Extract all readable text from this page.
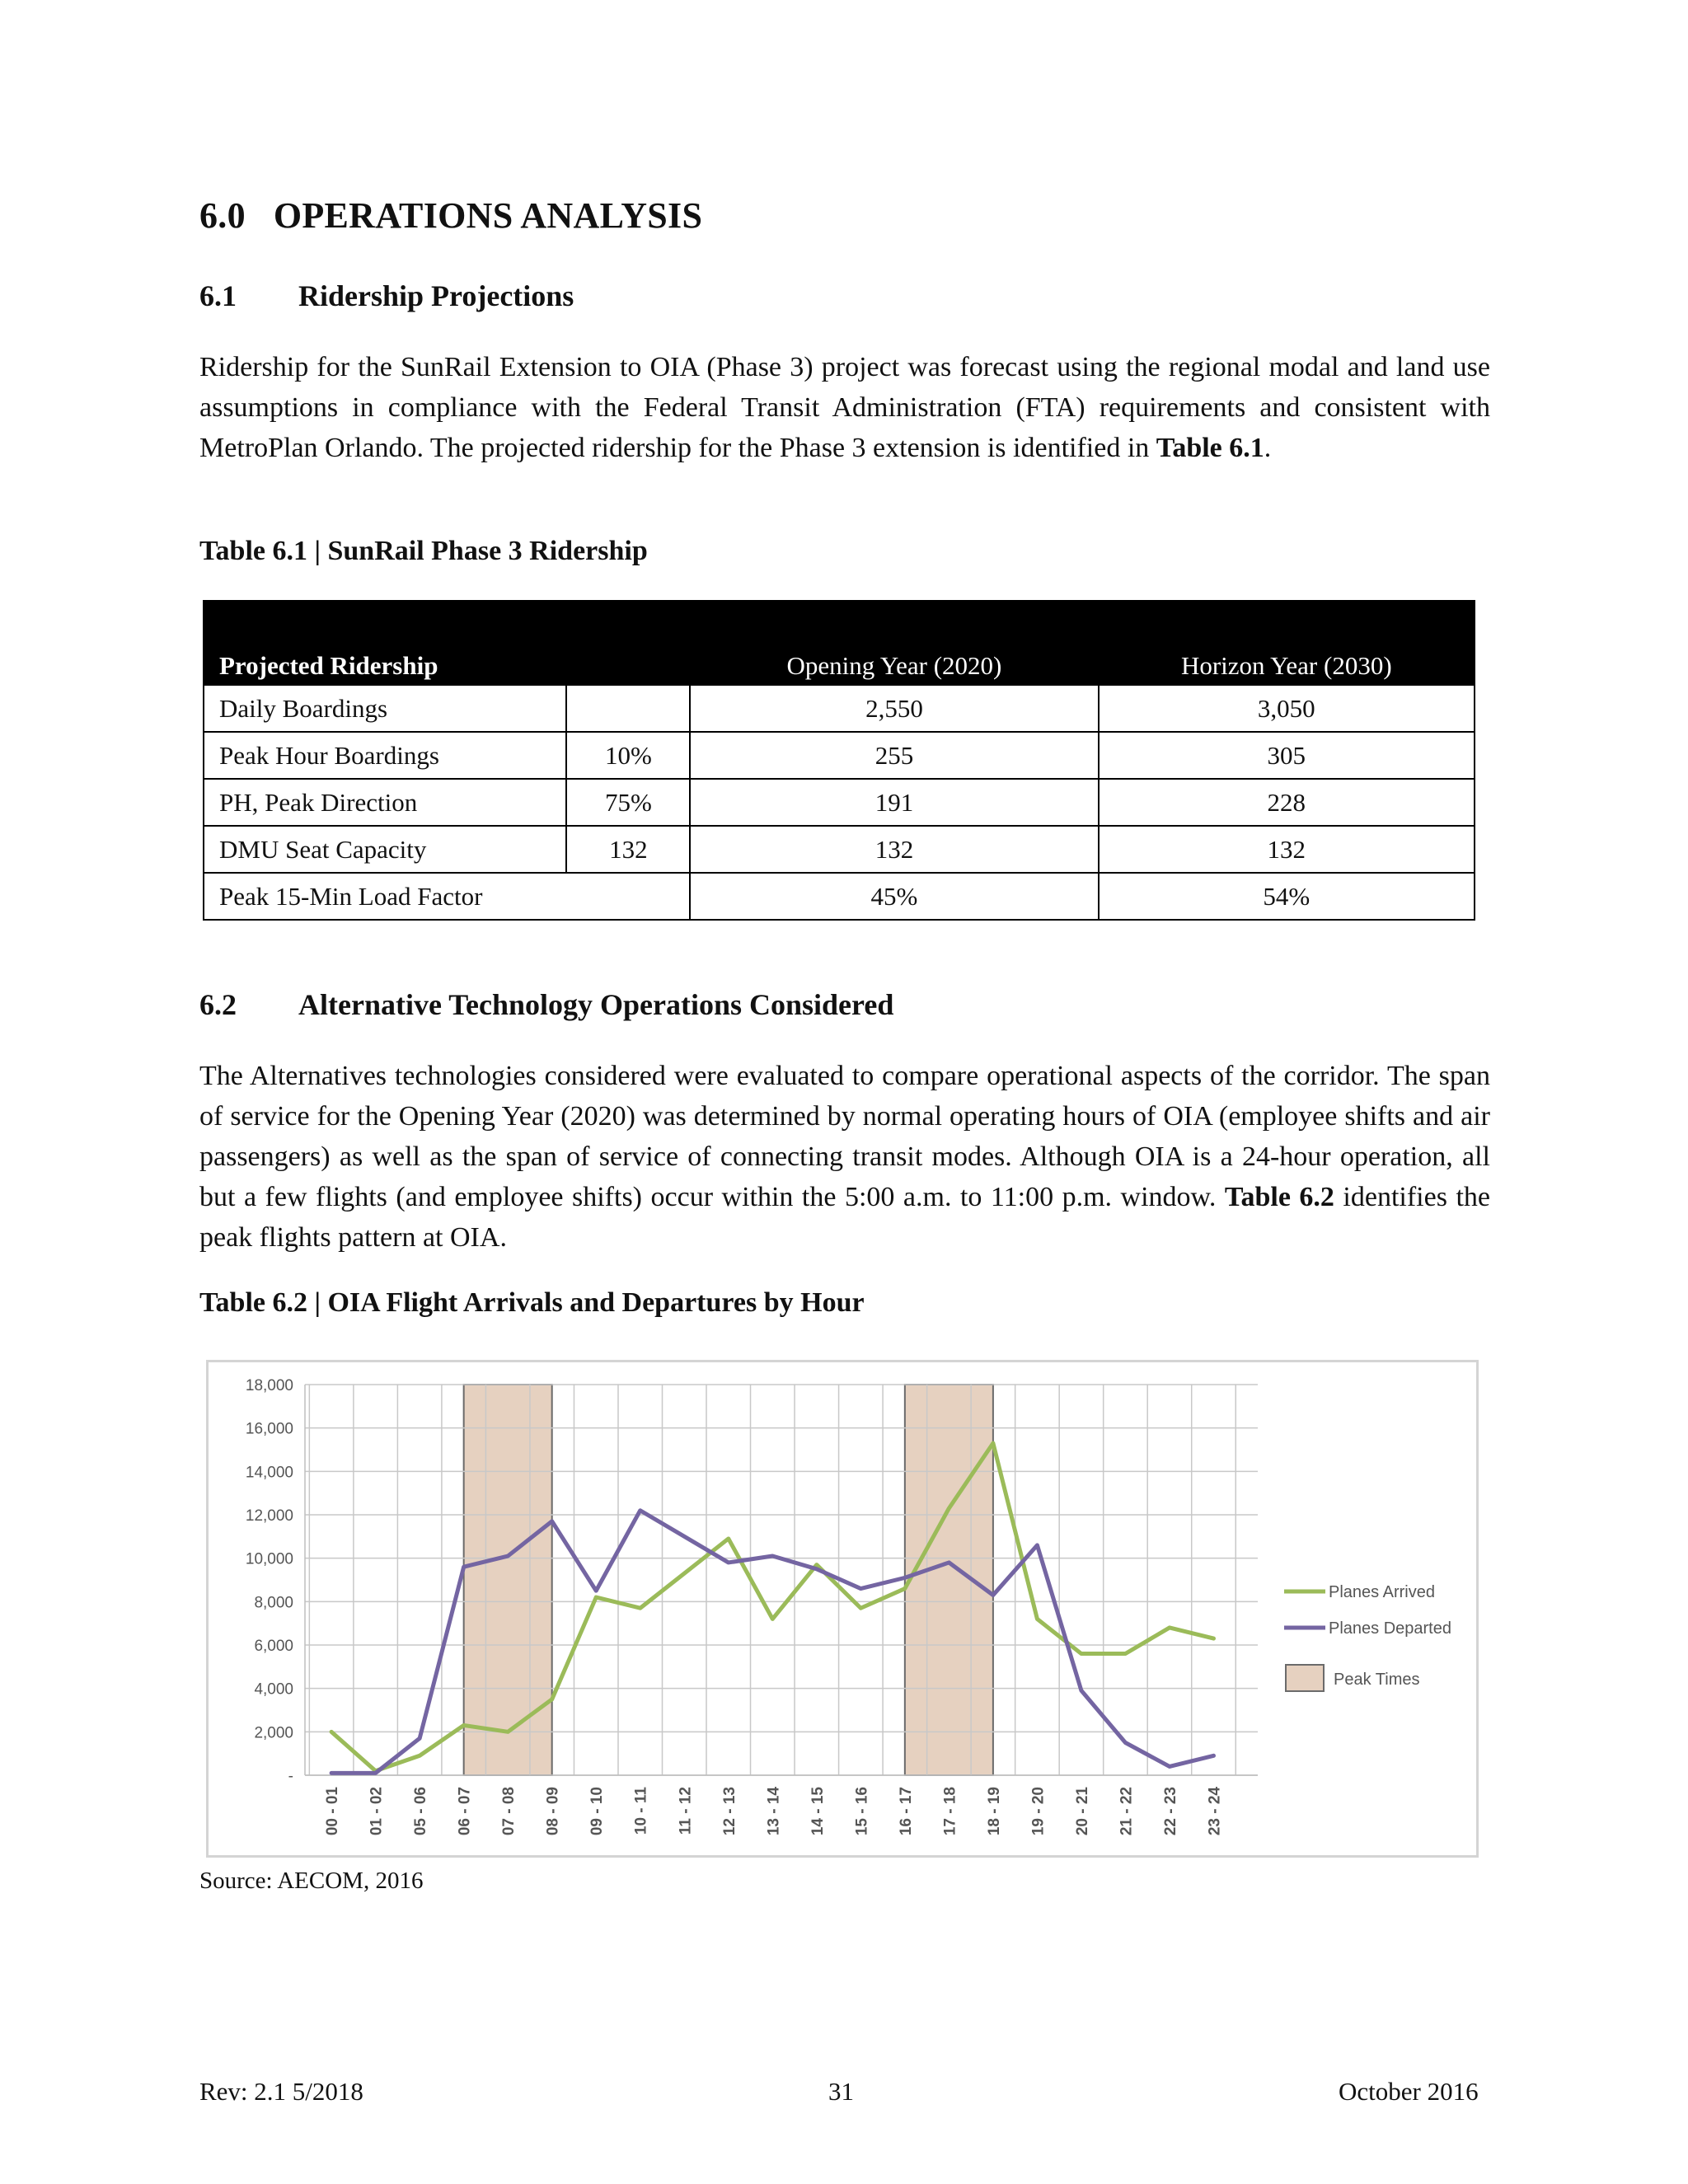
6.0 OPERATIONS ANALYSIS
6.1 Ridership Projections

Ridership for the SunRail Extension to OIA (Phase 3) project was forecast using the regional modal and land use assumptions in compliance with the Federal Transit Administration (FTA) requirements and consistent with MetroPlan Orlando. The projected ridership for the Phase 3 extension is identified in Table 6.1.

Table 6.1 | SunRail Phase 3 Ridership
Projected Ridership		Opening Year (2020)	Horizon Year (2030)

Daily Boardings		2,550	3,050
Peak Hour Boardings	10%	255	305
PH, Peak Direction	75%	191	228
DMU Seat Capacity	132	132	132
Peak 15-Min Load Factor		45%	54%
6.2 Alternative Technology Operations Considered

The Alternatives technologies considered were evaluated to compare operational aspects of the corridor. The span of service for the Opening Year (2020) was determined by normal operating hours of OIA (employee shifts and air passengers) as well as the span of service of connecting transit modes. Although OIA is a 24-hour operation, all but a few flights (and employee shifts) occur within the 5:00 a.m. to 11:00 p.m. window. Table 6.2 identifies the peak flights pattern at OIA.

Table 6.2 | OIA Flight Arrivals and Departures by Hour
-
2,000
4,000
6,000
8,000
10,000
12,000
14,000
16,000
18,000
00 - 01 01 - 02 05 - 06 06 - 07 07 - 08 08 - 09 09 - 10 10 - 11 11 - 12 12 - 13 13 - 14 14 - 15 15 - 16 16 - 17 17 - 18 18 - 19 19 - 20 20 - 21 21 - 22 22 - 23 23 - 24
Planes Arrived
Planes Departed
Peak Times
Source: AECOM, 2016
Rev: 2.1 5/2018	31	October 2016
